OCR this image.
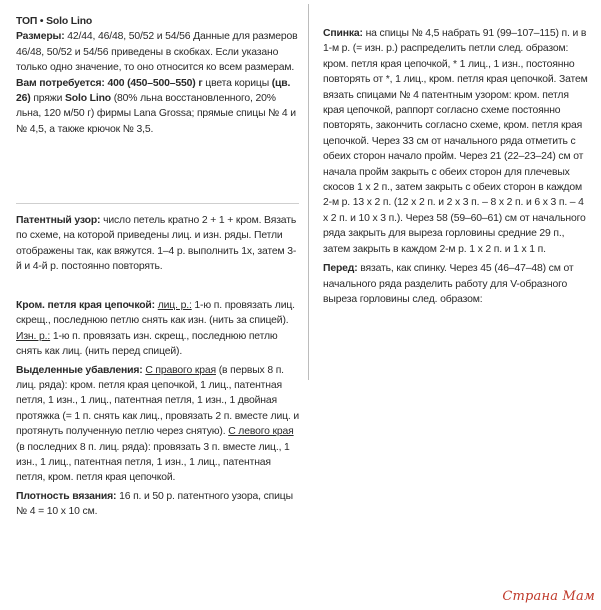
ТОП • Solo Lino

Размеры: 42/44, 46/48, 50/52 и 54/56 Данные для размеров 46/48, 50/52 и 54/56 приведены в скобках. Если указано только одно значение, то оно относится ко всем размерам.

Вам потребуется: 400 (450–500–550) г цвета корицы (цв. 26) пряжи Solo Lino (80% льна восстановленного, 20% льна, 120 м/50 г) фирмы Lana Grossa; прямые спицы № 4 и № 4,5, а также крючок № 3,5.

Патентный узор: число петель кратно 2 + 1 + кром. Вязать по схеме, на которой приведены лиц. и изн. ряды. Петли отображены так, как вяжутся. 1–4 р. выполнить 1х, затем 3-й и 4-й р. постоянно повторять.

Кром. петля края цепочкой: лиц. р.: 1-ю п. провязать лиц. скрещ., последнюю петлю снять как изн. (нить за спицей). Изн. р.: 1-ю п. провязать изн. скрещ., последнюю петлю снять как лиц. (нить перед спицей).

Выделенные убавления: С правого края (в первых 8 п. лиц. ряда): кром. петля края цепочкой, 1 лиц., патентная петля, 1 изн., 1 лиц., патентная петля, 1 изн., 1 двойная протяжка (= 1 п. снять как лиц., провязать 2 п. вместе лиц. и протянуть полученную петлю через снятую). С левого края (в последних 8 п. лиц. ряда): провязать 3 п. вместе лиц., 1 изн., 1 лиц., патентная петля, 1 изн., 1 лиц., патентная петля, кром. петля края цепочкой.

Плотность вязания: 16 п. и 50 р. патентного узора, спицы № 4 = 10 х 10 см.

Спинка: на спицы № 4,5 набрать 91 (99–107–115) п. и в 1-м р. (= изн. р.) распределить петли след. образом: кром. петля края цепочкой, * 1 лиц., 1 изн., постоянно повторять от *, 1 лиц., кром. петля края цепочкой. Затем вязать спицами № 4 патентным узором: кром. петля края цепочкой, раппорт согласно схеме постоянно повторять, закончить согласно схеме, кром. петля края цепочкой. Через 33 см от начального ряда отметить с обеих сторон начало пройм. Через 21 (22–23–24) см от начала пройм закрыть с обеих сторон для плечевых скосов 1 х 2 п., затем закрыть с обеих сторон в каждом 2-м р. 13 х 2 п. (12 х 2 п. и 2 х 3 п. – 8 х 2 п. и 6 х 3 п. – 4 х 2 п. и 10 х 3 п.). Через 58 (59–60–61) см от начального ряда закрыть для выреза горловины средние 29 п., затем закрыть в каждом 2-м р. 1 х 2 п. и 1 х 1 п.

Перед: вязать, как спинку. Через 45 (46–47–48) см от начального ряда разделить работу для V-образного выреза горловины след. образом:

Страна Мам
